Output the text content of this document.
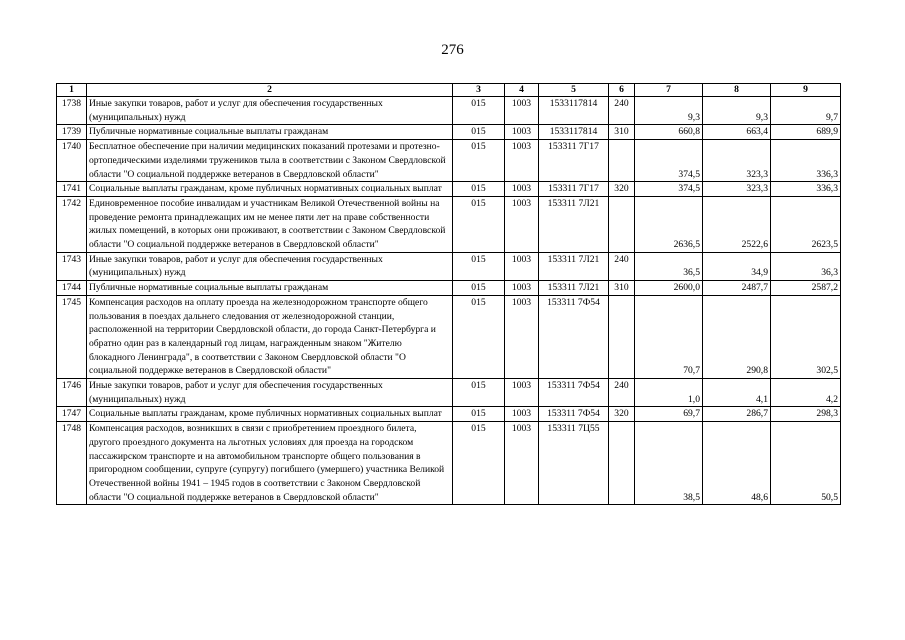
276
1	2	3	4	5	6	7	8	9
1738	Иные закупки товаров, работ и услуг для обеспечения государственных (муниципальных) нужд	015	1003	1533117814	240	9,3	9,3	9,7
1739	Публичные нормативные социальные выплаты гражданам	015	1003	1533117814	310	660,8	663,4	689,9
1740	Бесплатное обеспечение при наличии медицинских показаний протезами и протезно-ортопедическими изделиями тружеников тыла в соответствии с Законом Свердловской области "О социальной поддержке ветеранов в Свердловской области"	015	1003	153311 7Г17		374,5	323,3	336,3
1741	Социальные выплаты гражданам, кроме публичных нормативных социальных выплат	015	1003	153311 7Г17	320	374,5	323,3	336,3
1742	Единовременное пособие инвалидам и участникам Великой Отечественной войны на проведение ремонта принадлежащих им не менее пяти лет на праве собственности жилых помещений, в которых они проживают, в соответствии с Законом Свердловской области "О социальной поддержке ветеранов в Свердловской области"	015	1003	153311 7Л21		2636,5	2522,6	2623,5
1743	Иные закупки товаров, работ и услуг для обеспечения государственных (муниципальных) нужд	015	1003	153311 7Л21	240	36,5	34,9	36,3
1744	Публичные нормативные социальные выплаты гражданам	015	1003	153311 7Л21	310	2600,0	2487,7	2587,2
1745	Компенсация расходов на оплату проезда на железнодорожном транспорте общего пользования в поездах дальнего следования от железнодорожной станции, расположенной на территории Свердловской области, до города Санкт-Петербурга и обратно один раз в календарный год лицам, награжденным знаком "Жителю блокадного Ленинграда", в соответствии с Законом Свердловской области "О социальной поддержке ветеранов в Свердловской области"	015	1003	153311 7Ф54		70,7	290,8	302,5
1746	Иные закупки товаров, работ и услуг для обеспечения государственных (муниципальных) нужд	015	1003	153311 7Ф54	240	1,0	4,1	4,2
1747	Социальные выплаты гражданам, кроме публичных нормативных социальных выплат	015	1003	153311 7Ф54	320	69,7	286,7	298,3
1748	Компенсация расходов, возникших в связи с приобретением проездного билета, другого проездного документа на льготных условиях для проезда на городском пассажирском транспорте и на автомобильном транспорте общего пользования в пригородном сообщении, супруге (супругу) погибшего (умершего) участника Великой Отечественной войны 1941 – 1945 годов в соответствии с Законом Свердловской области "О социальной поддержке ветеранов в Свердловской области"	015	1003	153311 7Ц55		38,5	48,6	50,5
